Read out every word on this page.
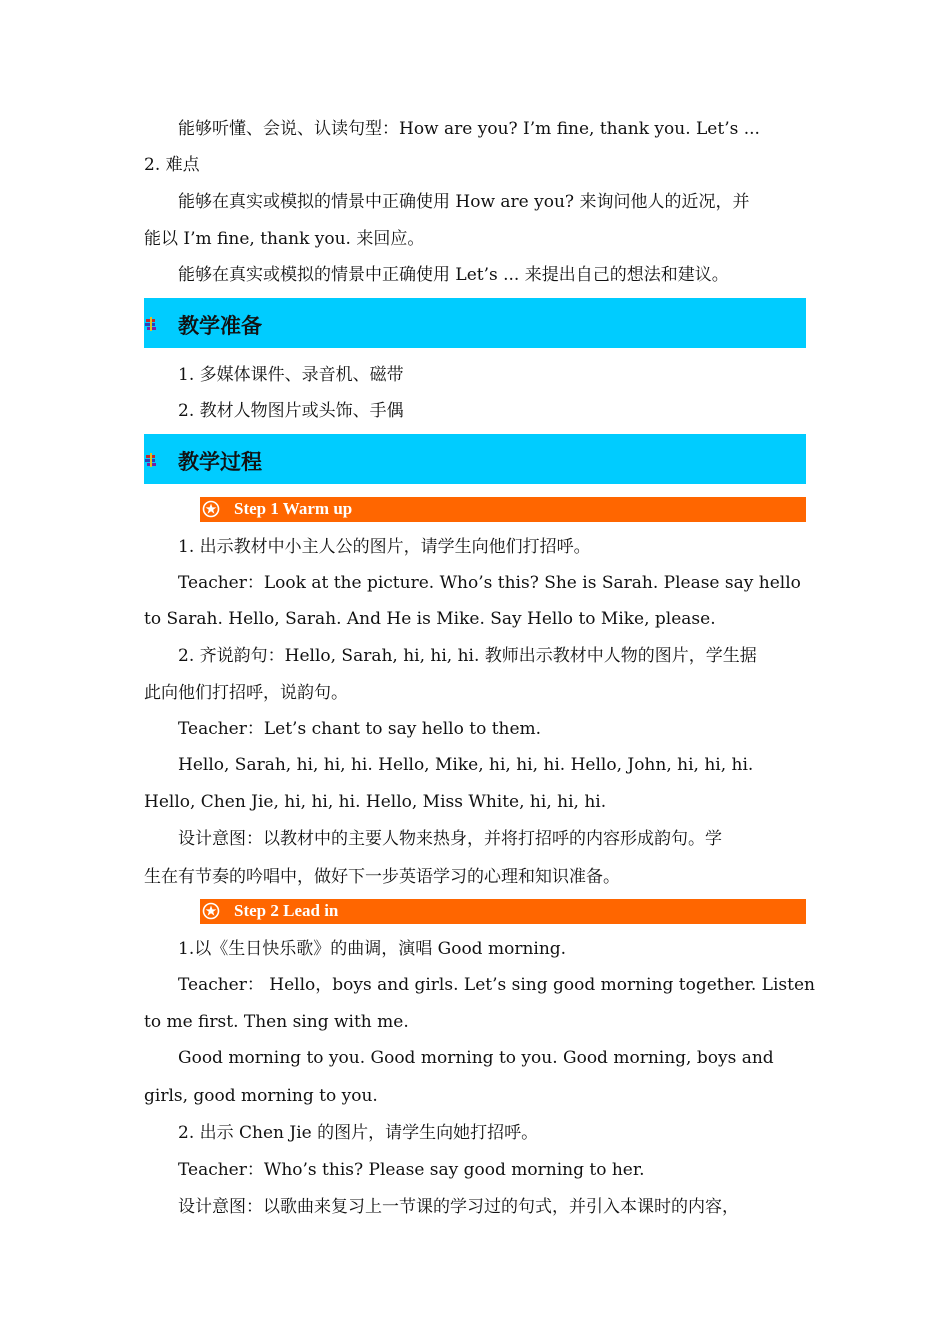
能够听懂、会说、认读句型：How are you? I’m fine, thank you. Let’s ...
2. 难点
能够在真实或模拟的情景中正确使用 How are you? 来询问他人的近况，并
能以 I’m fine, thank you. 来回应。
能够在真实或模拟的情景中正确使用 Let’s ... 来提出自己的想法和建议。
教学准备
1. 多媒体课件、录音机、磁带
2. 教材人物图片或头饰、手偶
教学过程
Step 1 Warm up
1. 出示教材中小主人公的图片，请学生向他们打招呼。
Teacher：Look at the picture. Who’s this? She is Sarah. Please say hello
to Sarah. Hello, Sarah. And He is Mike. Say Hello to Mike, please.
2. 齐说韵句：Hello, Sarah, hi, hi, hi. 教师出示教材中人物的图片，学生据
此向他们打招呼，说韵句。
Teacher：Let’s chant to say hello to them.
Hello, Sarah, hi, hi, hi. Hello, Mike, hi, hi, hi. Hello, John, hi, hi, hi.
Hello, Chen Jie, hi, hi, hi. Hello, Miss White, hi, hi, hi.
设计意图：以教材中的主要人物来热身，并将打招呼的内容形成韵句。学
生在有节奏的吟唱中，做好下一步英语学习的心理和知识准备。
Step 2 Lead in
1.以《生日快乐歌》的曲调，演唱 Good morning.
Teacher： Hello，boys and girls. Let’s sing good morning together. Listen
to me first. Then sing with me.
Good morning to you. Good morning to you. Good morning, boys and
girls, good morning to you.
2. 出示 Chen Jie 的图片，请学生向她打招呼。
Teacher：Who’s this? Please say good morning to her.
设计意图：以歌曲来复习上一节课的学习过的句式，并引入本课时的内容，
